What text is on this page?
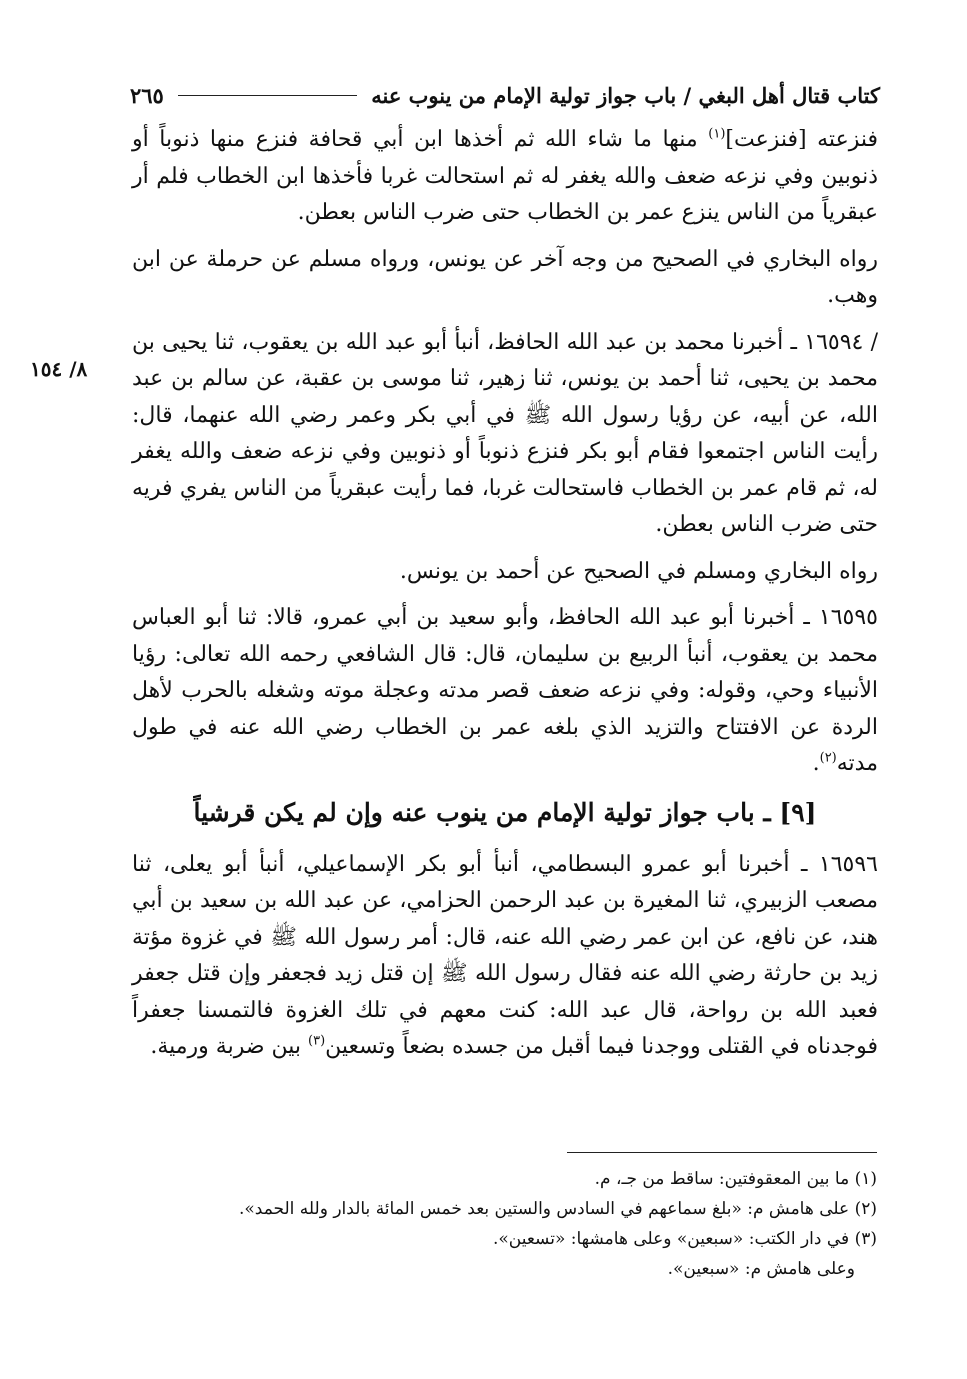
كتاب قتال أهل البغي / باب جواز تولية الإمام من ينوب عنه
٢٦٥
٨/ ١٥٤

فنزعته [فنزعت]$^{(١)}$ منها ما شاء الله ثم أخذها ابن أبي قحافة فنزع منها ذنوباً أو ذنوبين وفي نزعه ضعف والله يغفر له ثم استحالت غربا فأخذها ابن الخطاب فلم أر عبقرياً من الناس ينزع عمر بن الخطاب حتى ضرب الناس بعطن.

رواه البخاري في الصحيح من وجه آخر عن يونس، ورواه مسلم عن حرملة عن ابن وهب.

/ ١٦٥٩٤ ـ أخبرنا محمد بن عبد الله الحافظ، أنبأ أبو عبد الله بن يعقوب، ثنا يحيى بن محمد بن يحيى، ثنا أحمد بن يونس، ثنا زهير، ثنا موسى بن عقبة، عن سالم بن عبد الله، عن أبيه، عن رؤيا رسول الله ﷺ في أبي بكر وعمر رضي الله عنهما، قال: رأيت الناس اجتمعوا فقام أبو بكر فنزع ذنوباً أو ذنوبين وفي نزعه ضعف والله يغفر له، ثم قام عمر بن الخطاب فاستحالت غربا، فما رأيت عبقرياً من الناس يفري فريه حتى ضرب الناس بعطن.

رواه البخاري ومسلم في الصحيح عن أحمد بن يونس.

١٦٥٩٥ ـ أخبرنا أبو عبد الله الحافظ، وأبو سعيد بن أبي عمرو، قالا: ثنا أبو العباس محمد بن يعقوب، أنبأ الربيع بن سليمان، قال: قال الشافعي رحمه الله تعالى: رؤيا الأنبياء وحي، وقوله: وفي نزعه ضعف قصر مدته وعجلة موته وشغله بالحرب لأهل الردة عن الافتتاح والتزيد الذي بلغه عمر بن الخطاب رضي الله عنه في طول مدته$^{(٢)}$.

[٩] ـ باب جواز تولية الإمام من ينوب عنه وإن لم يكن قرشياً

١٦٥٩٦ ـ أخبرنا أبو عمرو البسطامي، أنبأ أبو بكر الإسماعيلي، أنبأ أبو يعلى، ثنا مصعب الزبيري، ثنا المغيرة بن عبد الرحمن الحزامي، عن عبد الله بن سعيد بن أبي هند، عن نافع، عن ابن عمر رضي الله عنه، قال: أمر رسول الله ﷺ في غزوة مؤتة زيد بن حارثة رضي الله عنه فقال رسول الله ﷺ إن قتل زيد فجعفر وإن قتل جعفر فعبد الله بن رواحة، قال عبد الله: كنت معهم في تلك الغزوة فالتمسنا جعفراً فوجدناه في القتلى ووجدنا فيما أقبل من جسده بضعاً وتسعين$^{(٣)}$ بين ضربة ورمية.

(١) ما بين المعقوفتين: ساقط من جـ، م.

(٢) على هامش م: «بلغ سماعهم في السادس والستين بعد خمس المائة بالدار ولله الحمد».

(٣) في دار الكتب: «سبعين» وعلى هامشها: «تسعين».

وعلى هامش م: «سبعين».
